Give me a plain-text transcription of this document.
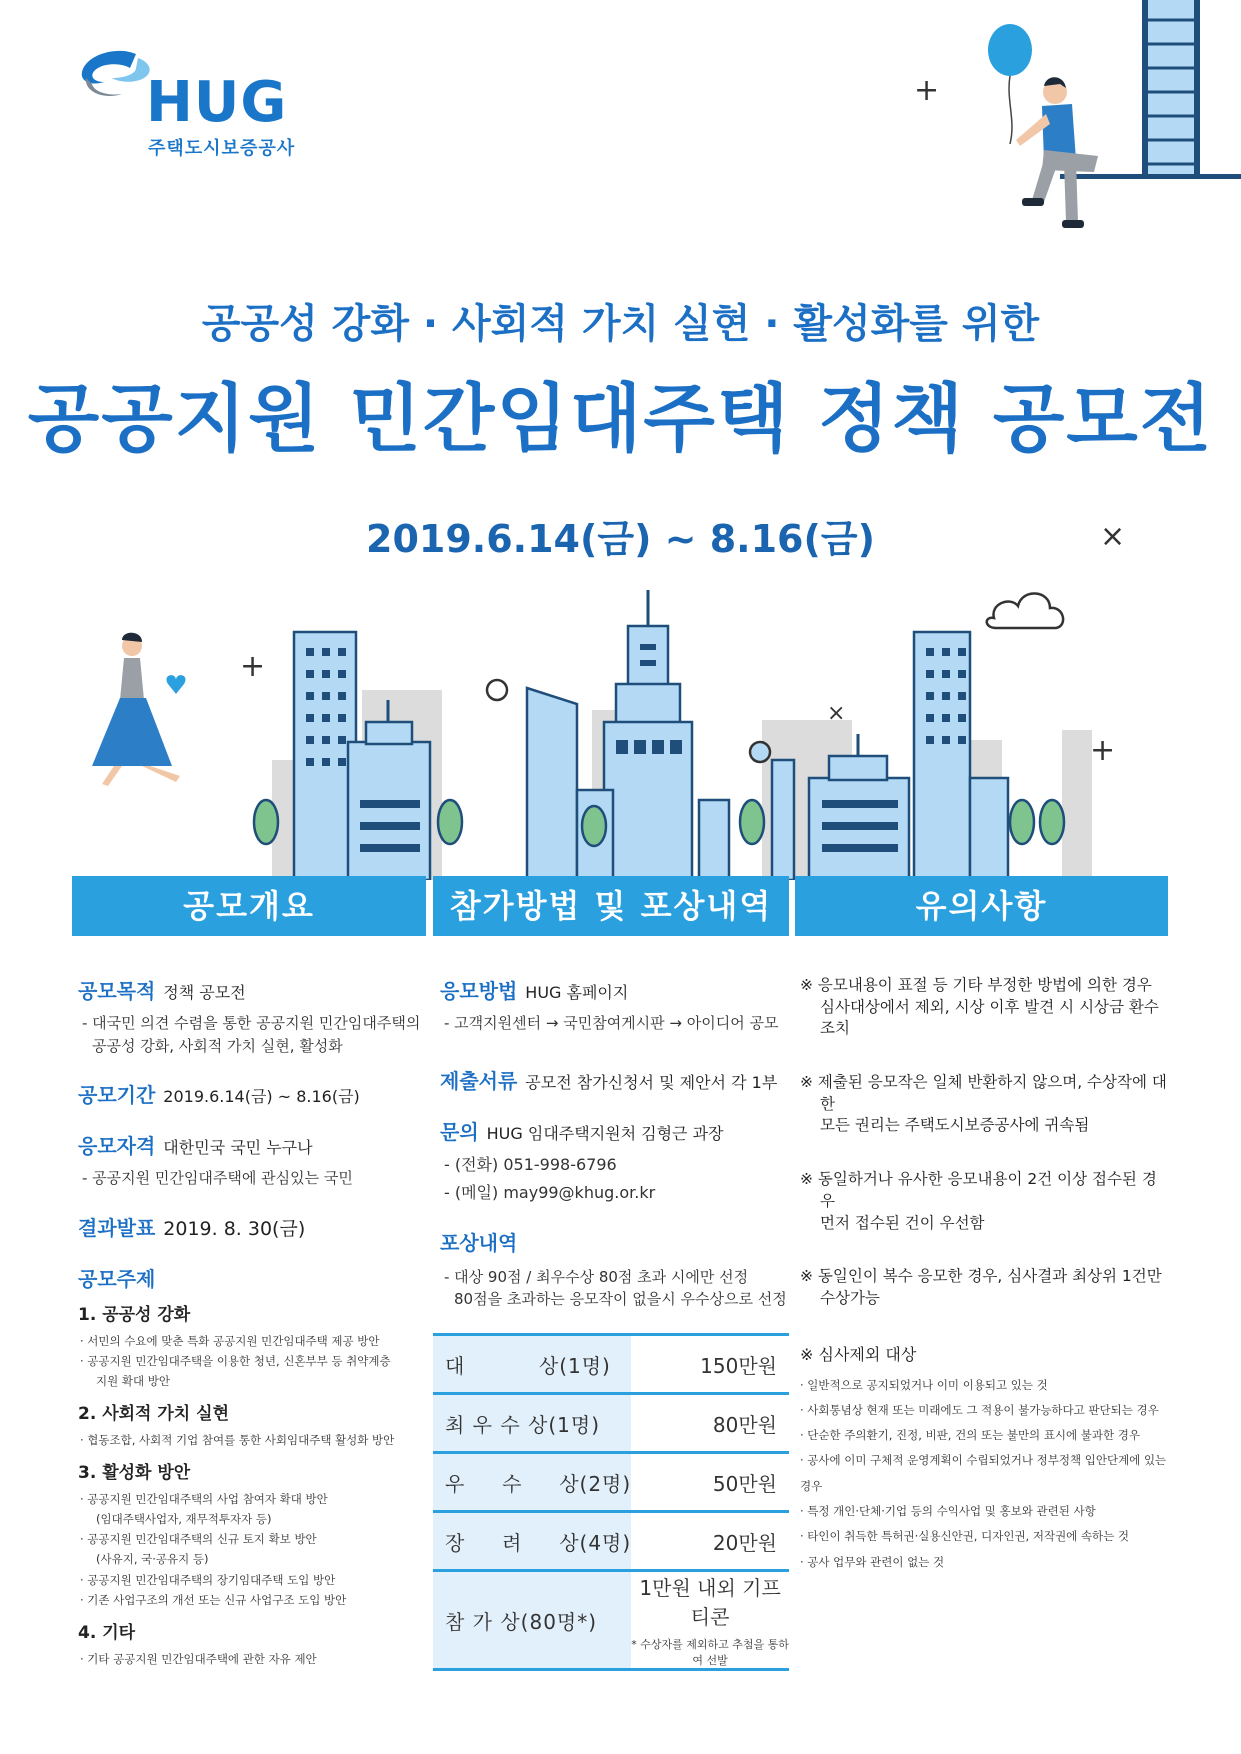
HUG
주택도시보증공사
+
×
공공성 강화 · 사회적 가치 실현 · 활성화를 위한
공공지원 민간임대주택 정책 공모전
2019.6.14(금) ~ 8.16(금)
+
×
+
공모개요	참가방법 및 포상내역	유의사항
공모목적 정책 공모전
- 대국민 의견 수렴을 통한 공공지원 민간임대주택의
공공성 강화, 사회적 가치 실현, 활성화
공모기간 2019.6.14(금) ~ 8.16(금)
응모자격 대한민국 국민 누구나
- 공공지원 민간임대주택에 관심있는 국민
결과발표 2019. 8. 30(금)
공모주제
1. 공공성 강화
· 서민의 수요에 맞춘 특화 공공지원 민간임대주택 제공 방안
· 공공지원 민간임대주택을 이용한 청년, 신혼부부 등 취약계층
지원 확대 방안
2. 사회적 가치 실현
· 협동조합, 사회적 기업 참여를 통한 사회임대주택 활성화 방안
3. 활성화 방안
· 공공지원 민간임대주택의 사업 참여자 확대 방안
(임대주택사업자, 재무적투자자 등)
· 공공지원 민간임대주택의 신규 토지 확보 방안
(사유지, 국·공유지 등)
· 공공지원 민간임대주택의 장기임대주택 도입 방안
· 기존 사업구조의 개선 또는 신규 사업구조 도입 방안
4. 기타
· 기타 공공지원 민간임대주택에 관한 자유 제안
응모방법 HUG 홈페이지
- 고객지원센터 → 국민참여게시판 → 아이디어 공모
제출서류 공모전 참가신청서 및 제안서 각 1부
문의 HUG 임대주택지원처 김형근 과장
- (전화) 051-998-6796
- (메일) may99@khug.or.kr
포상내역
- 대상 90점 / 최우수상 80점 초과 시에만 선정
80점을 초과하는 응모작이 없을시 우수상으로 선정
대          상(1명)	150만원

최 우 수 상(1명)	80만원

우     수     상(2명)	50만원

장     려     상(4명)	20만원

참 가 상(80명*)	1만원 내외 기프티콘
* 수상자를 제외하고 추첨을 통하여 선발
※ 응모내용이 표절 등 기타 부정한 방법에 의한 경우
심사대상에서 제외, 시상 이후 발견 시 시상금 환수 조치
※ 제출된 응모작은 일체 반환하지 않으며, 수상작에 대한
모든 권리는 주택도시보증공사에 귀속됨
※ 동일하거나 유사한 응모내용이 2건 이상 접수된 경우
먼저 접수된 건이 우선함
※ 동일인이 복수 응모한 경우, 심사결과 최상위 1건만
수상가능
※ 심사제외 대상
· 일반적으로 공지되었거나 이미 이용되고 있는 것
· 사회통념상 현재 또는 미래에도 그 적용이 불가능하다고 판단되는 경우
· 단순한 주의환기, 진정, 비판, 건의 또는 불만의 표시에 불과한 경우
· 공사에 이미 구체적 운영계획이 수립되었거나 정부정책 입안단계에 있는 경우
· 특정 개인·단체·기업 등의 수익사업 및 홍보와 관련된 사항
· 타인이 취득한 특허권·실용신안권, 디자인권, 저작권에 속하는 것
· 공사 업무와 관련이 없는 것
